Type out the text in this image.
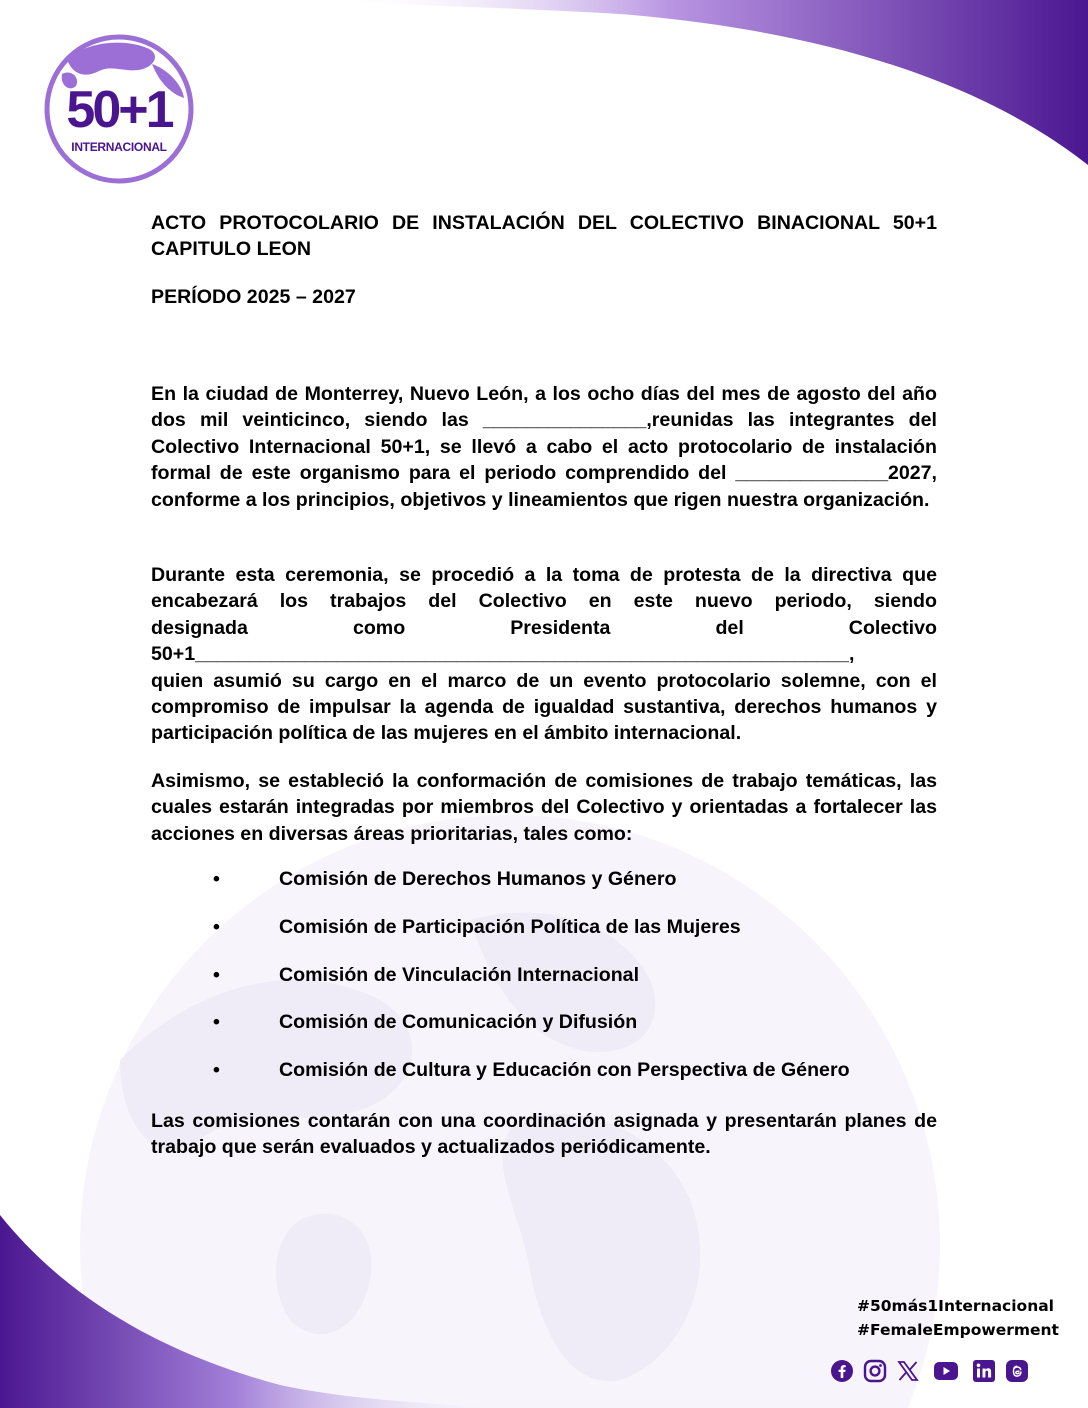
50+1
INTERNACIONAL
ACTO PROTOCOLARIO DE INSTALACIÓN DEL COLECTIVO BINACIONAL 50+1 CAPITULO LEON
PERÍODO 2025 – 2027
En la ciudad de Monterrey, Nuevo León, a los ocho días del mes de agosto del año dos mil veinticinco, siendo las _______________,reunidas las integrantes del Colectivo Internacional 50+1, se llevó a cabo el acto protocolario de instalación formal de este organismo para el periodo comprendido del ______________2027, conforme a los principios, objetivos y lineamientos que rigen nuestra organización.
Durante esta ceremonia, se procedió a la toma de protesta de la directiva que encabezará los trabajos del Colectivo en este nuevo periodo, siendo
designada como Presidenta del Colectivo
50+1____________________________________________________________,
quien asumió su cargo en el marco de un evento protocolario solemne, con el compromiso de impulsar la agenda de igualdad sustantiva, derechos humanos y participación política de las mujeres en el ámbito internacional.
Asimismo, se estableció la conformación de comisiones de trabajo temáticas, las cuales estarán integradas por miembros del Colectivo y orientadas a fortalecer las acciones en diversas áreas prioritarias, tales como:
•	Comisión de Derechos Humanos y Género
•	Comisión de Participación Política de las Mujeres
•	Comisión de Vinculación Internacional
•	Comisión de Comunicación y Difusión
•	Comisión de Cultura y Educación con Perspectiva de Género
Las comisiones contarán con una coordinación asignada y presentarán planes de trabajo que serán evaluados y actualizados periódicamente.
#50más1Internacional
#FemaleEmpowerment
